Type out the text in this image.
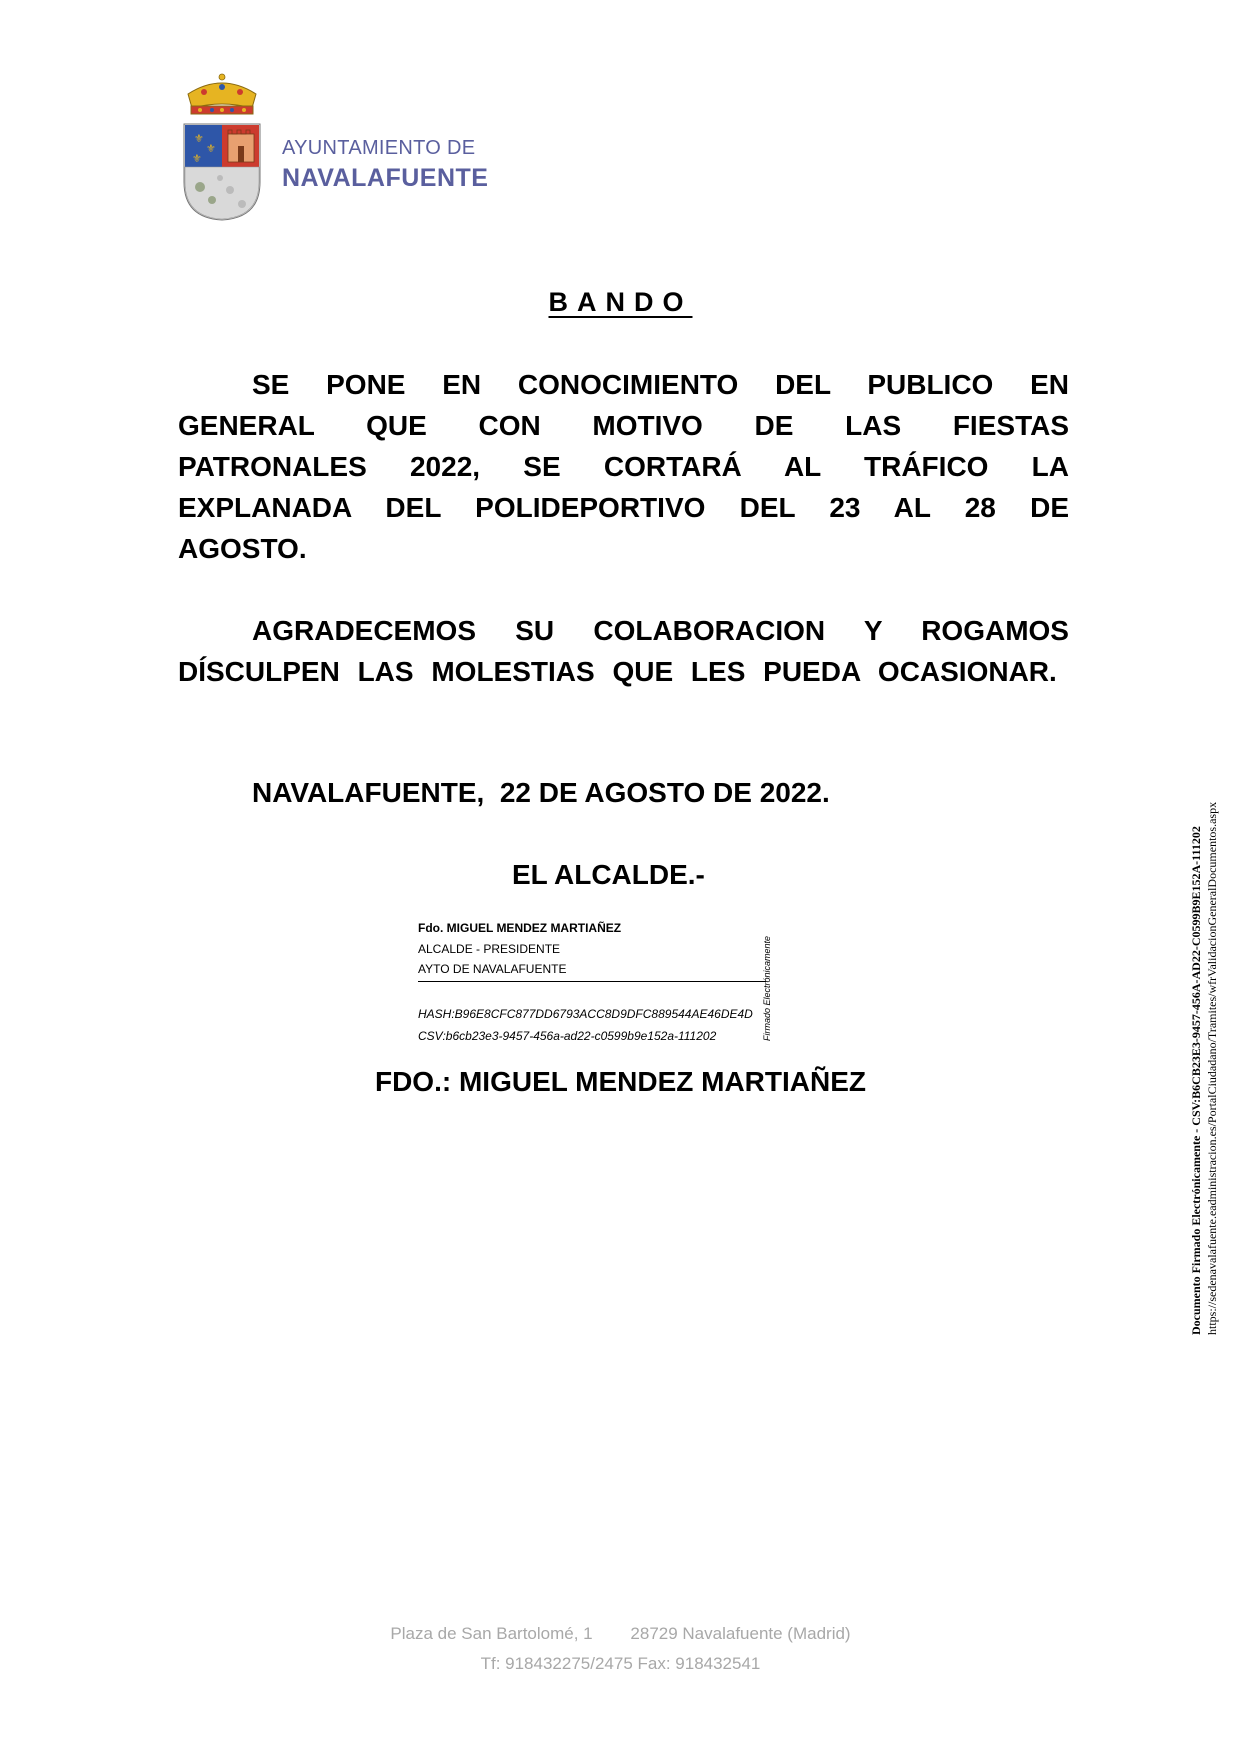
⚜
⚜
⚜	AYUNTAMIENTO DE
NAVALAFUENTE
BANDO
SE PONE EN CONOCIMIENTO DEL PUBLICO EN GENERAL QUE CON MOTIVO DE LAS FIESTAS PATRONALES 2022, SE CORTARÁ AL TRÁFICO LA EXPLANADA DEL POLIDEPORTIVO DEL 23 AL 28 DE AGOSTO.
AGRADECEMOS SU COLABORACION Y ROGAMOS DÍSCULPEN LAS MOLESTIAS QUE LES PUEDA OCASIONAR.
NAVALAFUENTE,  22 DE AGOSTO DE 2022.
EL ALCALDE.-
Fdo. MIGUEL MENDEZ MARTIAÑEZ
ALCALDE - PRESIDENTE
AYTO DE NAVALAFUENTE
HASH:B96E8CFC877DD6793ACC8D9DFC889544AE46DE4D
CSV:b6cb23e3-9457-456a-ad22-c0599b9e152a-111202	Firmado Electrónicamente
FDO.: MIGUEL MENDEZ MARTIAÑEZ	Documento Firmado Electrónicamente - CSV:B6CB23E3-9457-456A-AD22-C0599B9E152A-111202 https://sedenavalafuente.eadministracion.es/PortalCiudadano/Tramites/wfrValidacionGeneralDocumentos.aspx
Plaza de San Bartolomé, 1        28729 Navalafuente (Madrid)
Tf: 918432275/2475 Fax: 918432541
